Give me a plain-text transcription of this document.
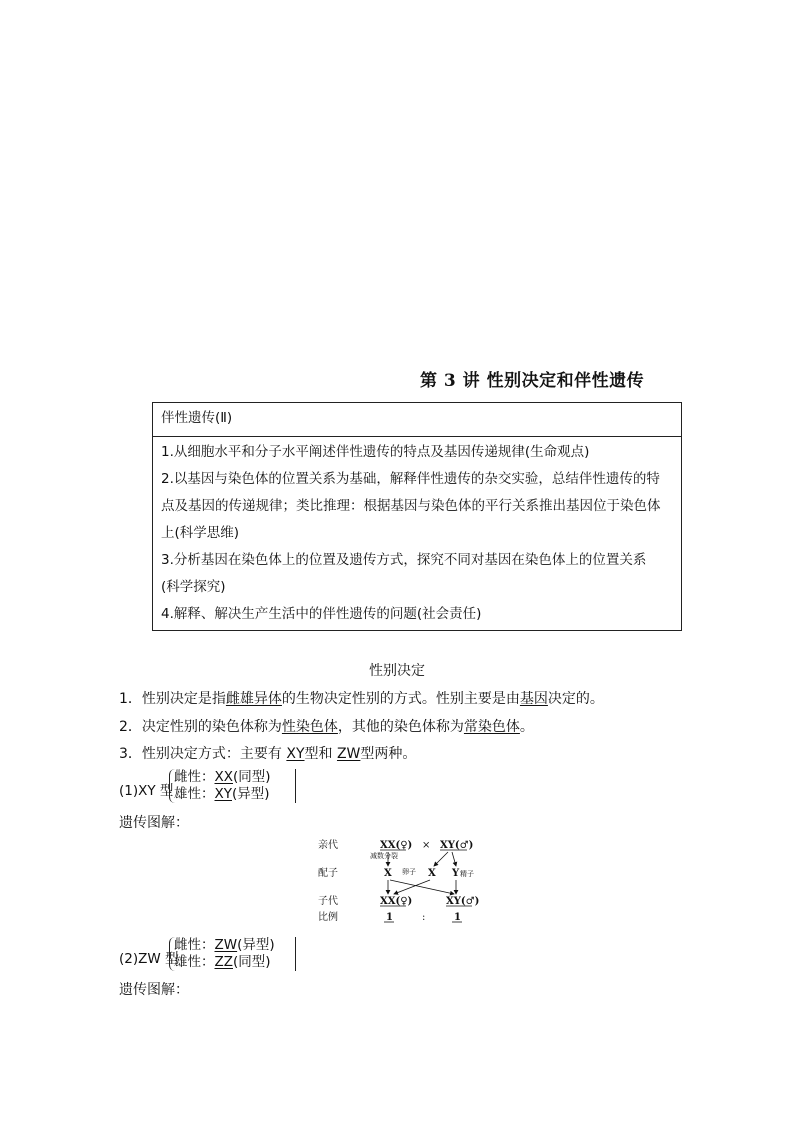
第 3 讲 性别决定和伴性遗传
伴性遗传(Ⅱ)
1.从细胞水平和分子水平阐述伴性遗传的特点及基因传递规律(生命观点)
2.以基因与染色体的位置关系为基础，解释伴性遗传的杂交实验，总结伴性遗传的特
点及基因的传递规律；类比推理：根据基因与染色体的平行关系推出基因位于染色体
上(科学思维)
3.分析基因在染色体上的位置及遗传方式，探究不同对基因在染色体上的位置关系
(科学探究)
4.解释、解决生产生活中的伴性遗传的问题(社会责任)
性别决定
1．性别决定是指雌雄异体的生物决定性别的方式。性别主要是由基因决定的。
2．决定性别的染色体称为性染色体，其他的染色体称为常染色体。
3．性别决定方式：主要有 XY型和 ZW型两种。
(1)XY 型
雌性：XX(同型)
雄性：XY(异型)
遗传图解：
亲代
配子
子代
比例
XX(♀) × XY(♂)
减数分裂
X 卵子 X Y 精子
XX(♀)	XY(♂)
1	:	1
(2)ZW 型
雌性：ZW(异型)
雄性：ZZ(同型)
遗传图解：
